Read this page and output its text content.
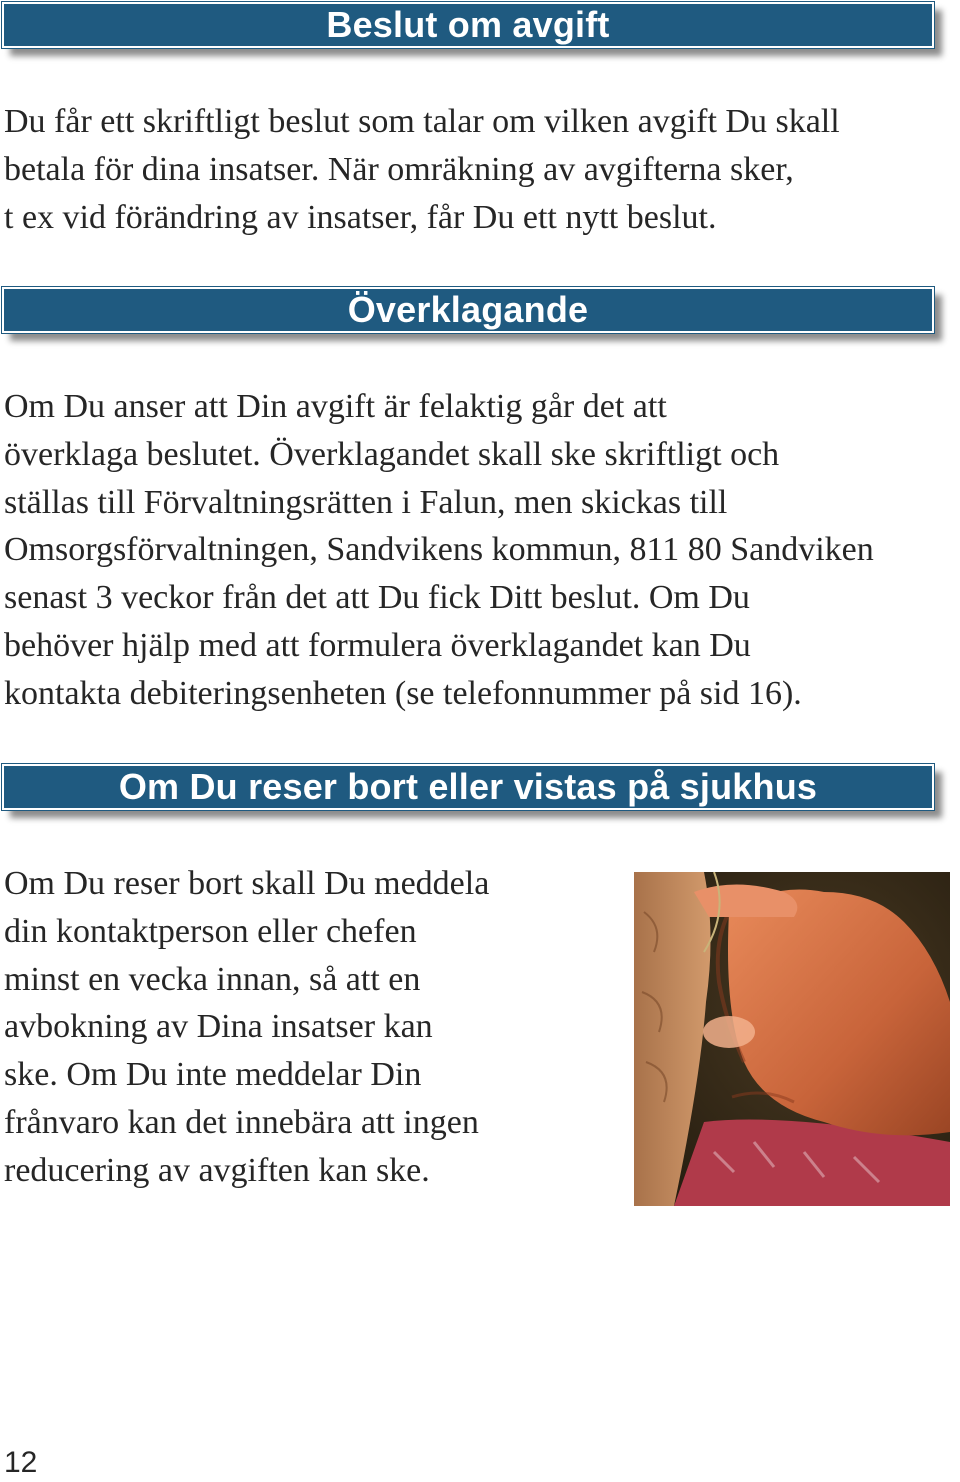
Beslut om avgift
Du får ett skriftligt beslut som talar om vilken avgift Du skall
betala för dina insatser. När omräkning av avgifterna sker,
t ex vid förändring av insatser, får Du ett nytt beslut.
Överklagande
Om Du anser att Din avgift är felaktig går det att
överklaga beslutet. Överklagandet skall ske skriftligt och
ställas till Förvaltningsrätten i Falun, men skickas till
Omsorgsförvaltningen, Sandvikens kommun, 811 80 Sandviken
senast 3 veckor från det att Du fick Ditt beslut. Om Du
behöver hjälp med att formulera överklagandet kan Du
kontakta debiteringsenheten (se telefonnummer på sid 16).
Om Du reser bort eller vistas på sjukhus
Om Du reser bort skall Du meddela
din kontaktperson eller chefen
minst en vecka innan, så att en
avbokning av Dina insatser kan
ske. Om Du inte meddelar Din
frånvaro kan det innebära att ingen
reducering av avgiften kan ske.
12
